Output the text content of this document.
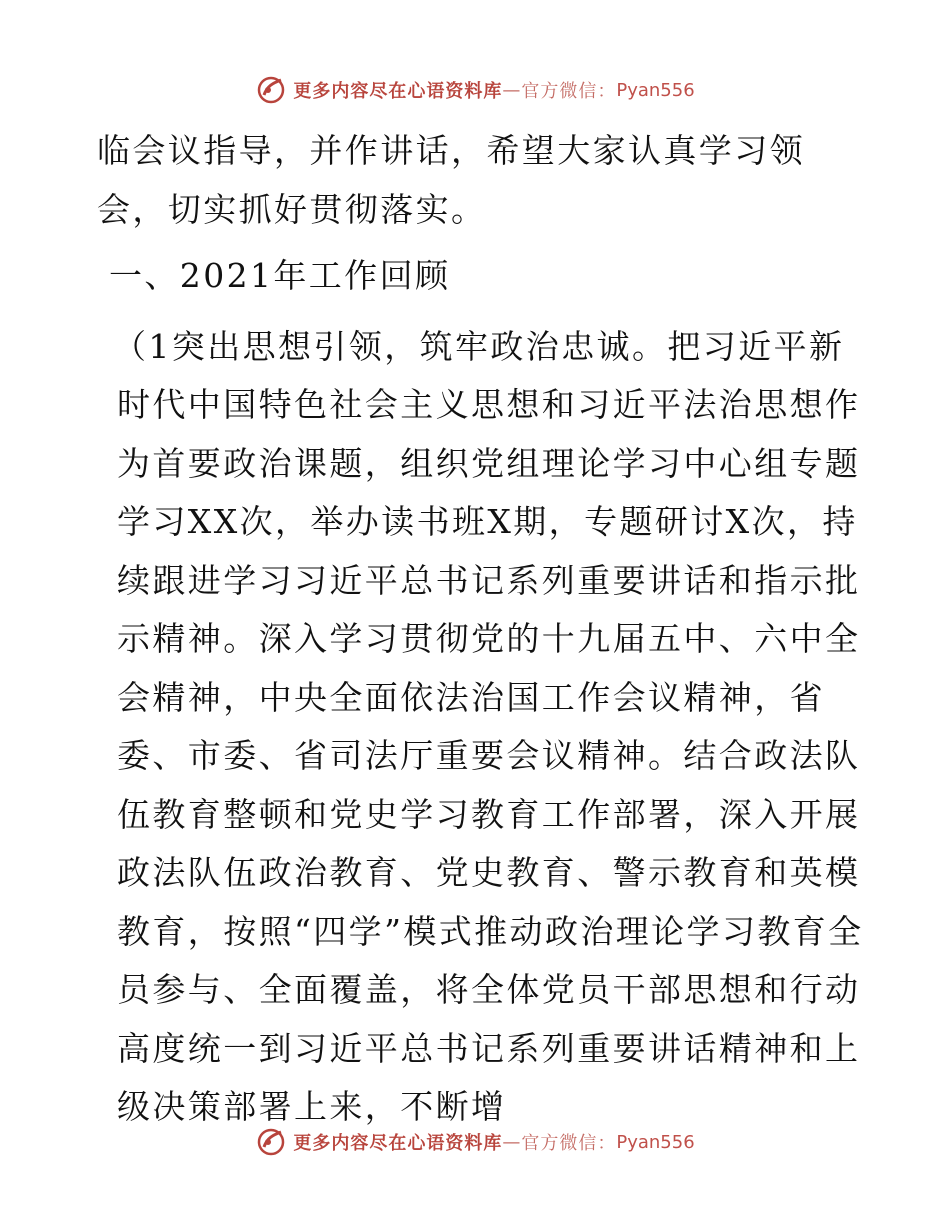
更多内容尽在心语资料库 — 官方微信： Pyan556

临会议指导，并作讲话，希望大家认真学习领会，切实抓好贯彻落实。

一、2021年工作回顾

（1突出思想引领，筑牢政治忠诚。把习近平新时代中国特色社会主义思想和习近平法治思想作为首要政治课题，组织党组理论学习中心组专题学习XX次，举办读书班X期，专题研讨X次，持续跟进学习习近平总书记系列重要讲话和指示批示精神。深入学习贯彻党的十九届五中、六中全会精神，中央全面依法治国工作会议精神，省委、市委、省司法厅重要会议精神。结合政法队伍教育整顿和党史学习教育工作部署，深入开展政法队伍政治教育、党史教育、警示教育和英模教育，按照“四学”模式推动政治理论学习教育全员参与、全面覆盖，将全体党员干部思想和行动高度统一到习近平总书记系列重要讲话精神和上级决策部署上来，不断增

更多内容尽在心语资料库 — 官方微信： Pyan556
